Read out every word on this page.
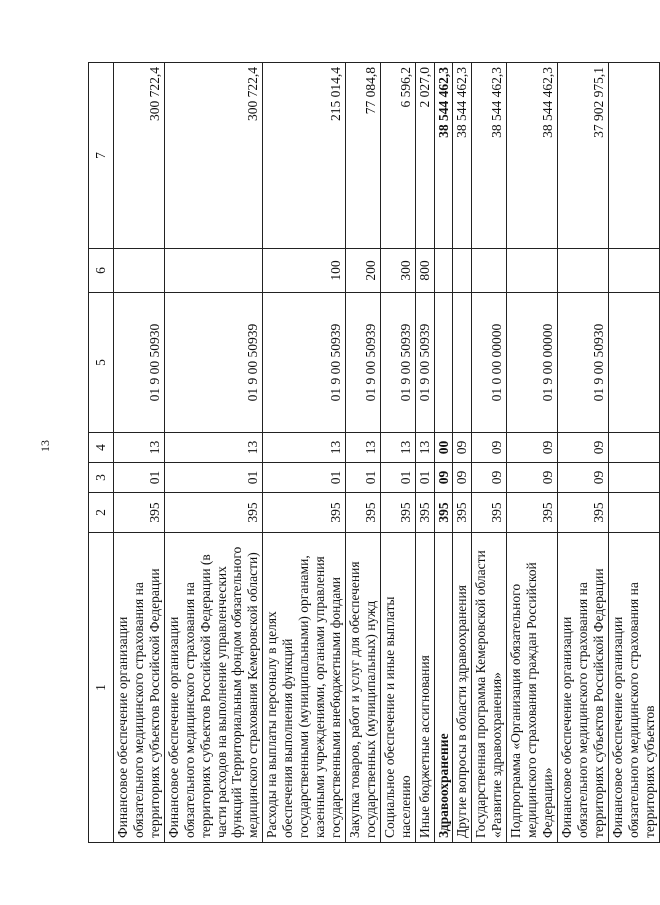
13
1	2	3	4	5	6	7
Финансовое обеспечение организации обязательного медицинского страхования на территориях субъектов Российской Федерации	395	01	13	01 9 00 50930		300 722,4
Финансовое обеспечение организации обязательного медицинского страхования на территориях субъектов Российской Федерации (в части расходов на выполнение управленческих функций Территориальным фондом обязательного медицинского страхования Кемеровской области)	395	01	13	01 9 00 50939		300 722,4
Расходы на выплаты персоналу в целях обеспечения выполнения функций государственными (муниципальными) органами, казенными учреждениями, органами управления государственными внебюджетными фондами	395	01	13	01 9 00 50939	100	215 014,4
Закупка товаров, работ и услуг для обеспечения государственных (муниципальных) нужд	395	01	13	01 9 00 50939	200	77 084,8
Социальное обеспечение и иные выплаты населению	395	01	13	01 9 00 50939	300	6 596,2
Иные бюджетные ассигнования	395	01	13	01 9 00 50939	800	2 027,0
Здравоохранение	395	09	00			38 544 462,3
Другие вопросы в области здравоохранения	395	09	09			38 544 462,3
Государственная программа Кемеровской области «Развитие здравоохранения»	395	09	09	01 0 00 00000		38 544 462,3
Подпрограмма «Организация обязательного медицинского страхования граждан Российской Федерации»	395	09	09	01 9 00 00000		38 544 462,3
Финансовое обеспечение организации обязательного медицинского страхования на территориях субъектов Российской Федерации	395	09	09	01 9 00 50930		37 902 975,1
Финансовое обеспечение организации обязательного медицинского страхования на территориях субъектов						
